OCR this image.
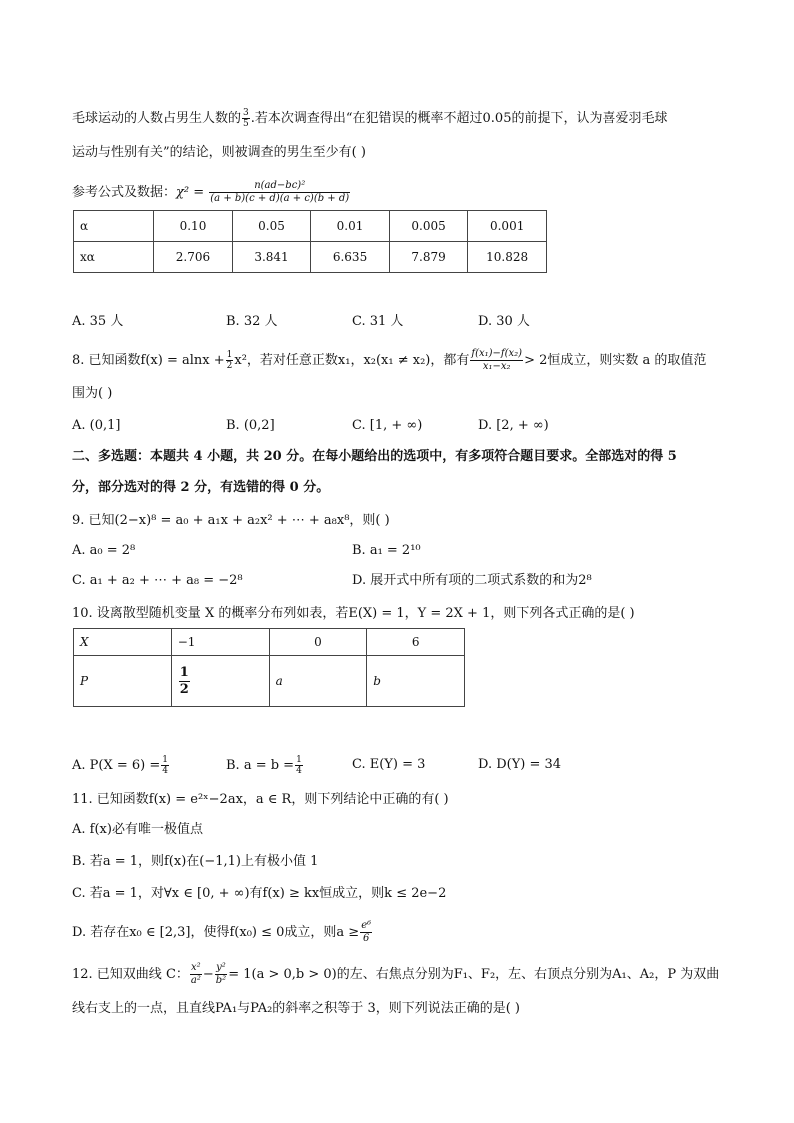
毛球运动的人数占男生人数的 $\frac{3}{5}$ .若本次调查得出“在犯错误的概率不超过0.05的前提下，认为喜爱羽毛球
运动与性别有关”的结论，则被调查的男生至少有( )
参考公式及数据：$\chi^2 = \frac{\text{n(ad−bc)²}}{(a + b)(c + d)(a + c)(b + d)}$
α	0.10	0.05	0.01	0.005	0.001
xα	2.706	3.841	6.635	7.879	10.828
A. 35 人	B. 32 人	C. 31 人	D. 30 人
8. 已知函数$f(x) = alnx + \frac{1}{2} x^2$，若对任意正数x₁，x₂(x₁ ≠ x₂)，都有 $\frac{\text{f(x₁)−f(x₂)}}{\text{x₁−x₂}} > 2$恒成立，则实数 a 的取值范
围为( )
A. (0,1]	B. (0,2]	C. [1, + ∞)	D. [2, + ∞)
二、多选题：本题共 4 小题，共 20 分。在每小题给出的选项中，有多项符合题目要求。全部选对的得 5
分，部分选对的得 2 分，有选错的得 0 分。
9. 已知(2−x)⁸ = a₀ + a₁x + a₂x² + ⋯ + a₈x⁸，则( )
A. a₀ = 2⁸	B. a₁ = 2¹⁰
C. a₁ + a₂ + ⋯ + a₈ = −2⁸	D. 展开式中所有项的二项式系数的和为2⁸
10. 设离散型随机变量 X 的概率分布列如表，若E(X) = 1，Y = 2X + 1，则下列各式正确的是( )
X	−1	0	6
P	$\frac{1}{2}$	a	b
A. $P(X = 6) = \frac{1}{4}$	B. $a = b = \frac{1}{4}$	C. E(Y) = 3	D. D(Y) = 34
11. 已知函数f(x) = e²ˣ−2ax，a ∈ R，则下列结论中正确的有( )
A. f(x)必有唯一极值点
B. 若a = 1，则f(x)在(−1,1)上有极小值 1
C. 若a = 1，对∀x ∈ [0, + ∞)有f(x) ≥ kx恒成立，则k ≤ 2e−2
D. 若存在x₀ ∈ [2,3]，使得f(x₀) ≤ 0成立，则$a \ge \frac{\text{e⁶}}{6}$
12. 已知双曲线 C： $\frac{\text{x²}}{\text{a²}} - \frac{\text{y²}}{\text{b²}} = 1(a > 0,b > 0)$的左、右焦点分别为F₁、F₂，左、右顶点分别为A₁、A₂，P 为双曲
线右支上的一点，且直线PA₁与PA₂的斜率之积等于 3，则下列说法正确的是( )
